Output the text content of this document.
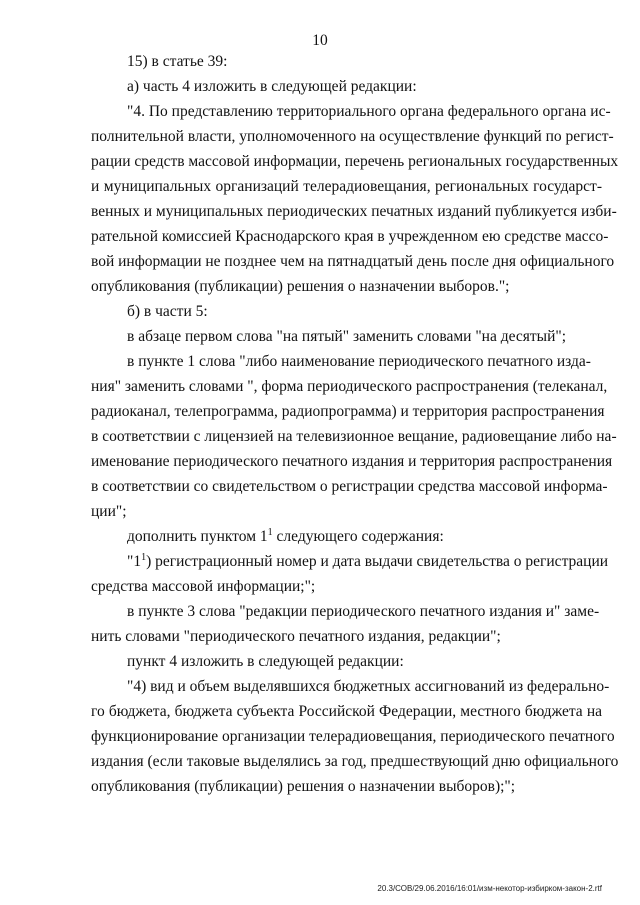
10

15) в статье 39:

а) часть 4 изложить в следующей редакции:

"4. По представлению территориального органа федерального органа ис-
полнительной власти, уполномоченного на осуществление функций по регист-
рации средств массовой информации, перечень региональных государственных
и муниципальных организаций телерадиовещания, региональных государст-
венных и муниципальных периодических печатных изданий публикуется изби-
рательной комиссией Краснодарского края в учрежденном ею средстве массо-
вой информации не позднее чем на пятнадцатый день после дня официального
опубликования (публикации) решения о назначении выборов.";

б) в части 5:

в абзаце первом слова "на пятый" заменить словами "на десятый";

в пункте 1 слова "либо наименование периодического печатного изда-
ния" заменить словами ", форма периодического распространения (телеканал,
радиоканал, телепрограмма, радиопрограмма) и территория распространения
в соответствии с лицензией на телевизионное вещание, радиовещание либо на-
именование периодического печатного издания и территория распространения
в соответствии со свидетельством о регистрации средства массовой информа-
ции";

дополнить пунктом $1^1$ следующего содержания:

"$1^1$) регистрационный номер и дата выдачи свидетельства о регистрации
средства массовой информации;";
в пункте 3 слова "редакции периодического печатного издания и" заме-
нить словами "периодического печатного издания, редакции";

пункт 4 изложить в следующей редакции:

"4) вид и объем выделявшихся бюджетных ассигнований из федерально-
го бюджета, бюджета субъекта Российской Федерации, местного бюджета на
функционирование организации телерадиовещания, периодического печатного
издания (если таковые выделялись за год, предшествующий дню официального
опубликования (публикации) решения о назначении выборов);";
20.3/СОВ/29.06.2016/16:01/изм-некотор-избирком-закон-2.rtf
